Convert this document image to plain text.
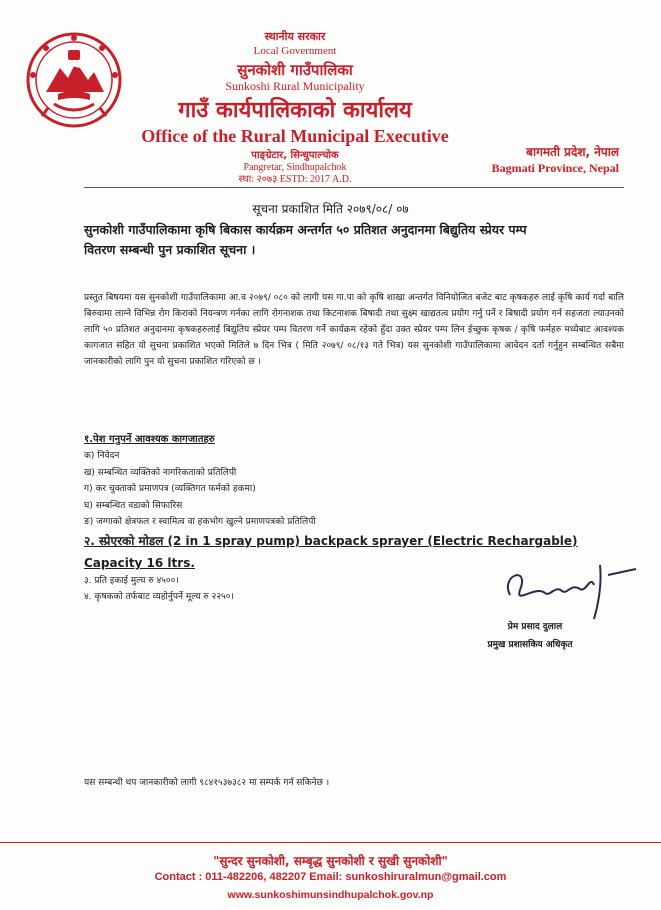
स्थानीय सरकार
Local Government
सुनकोशी गाउँपालिका
Sunkoshi Rural Municipality
गाउँ कार्यपालिकाको कार्यालय
Office of the Rural Municipal Executive
पाङ्ग्रेटार, सिन्धुपाल्चोक
Pangretar, Sindhupalchok
स्था: २०७३ ESTD: 2017 A.D.
बागमती प्रदेश, नेपाल
Bagmati Province, Nepal
सूचना प्रकाशित मिति २०७९/०८/ ०७
सुनकोशी गाउँपालिकामा कृषि बिकास कार्यक्रम अन्तर्गत ५० प्रतिशत अनुदानमा बिद्युतिय स्प्रेयर पम्प
वितरण सम्बन्धी पुन प्रकाशित सूचना ।
प्रस्तुत बिषयमा यस सुनकोशी गाउँपालिकामा आ.व २०७९/ ०८० को लागी यस गा.पा को कृषि शाखा अन्तर्गत विनियोजित बजेट बाट कृषकहरु लाई कृषि कार्य गर्दा बालि बिरुवामा लाग्ने विभिन्न रोग किराको नियन्त्रण गर्नका लागि रोगनाशक तथा किटनाशक बिषादी तथा सुक्ष्म खाद्यतत्व प्रयोग गर्नु पर्ने र बिषादी प्रयोग गर्न सहजता ल्याउनको लागि ५० प्रतिशत अनुदानमा कृषकहरुलाई बिद्युतिय स्प्रेयर पम्प वितरण गर्ने कार्यक्रम रहेको हुँदा उक्त स्प्रेयर पम्प लिन ईच्छुक कृषक / कृषि फर्महरु मध्येबाट आवश्यक कागजात सहित यो सुचना प्रकाशित भएको मितिले ७ दिन भित्र ( मिति २०७९/ ०८/१३ गते भित्र) यस सुनकोशी गाउँपालिकामा आवेदन दर्ता गर्नुहुन सम्बन्धित सबैमा जानकारीको लागि पुन यो सुचना प्रकाशित गरिएको छ ।
१.पेश गनुपर्ने आवश्यक कागजातहरु
क) निवेदन
ख) सम्बन्धित व्यक्तिको नागरिकताको प्रतिलिपी
ग) कर चुक्ताको प्रमाणपत्र (व्यक्तिगत फर्मको हकमा)
घ) सम्बन्धित वडाको सिफारिस
ङ) जग्गाको क्षेत्रफल र स्वामित्व वा हकभोग खुल्ने प्रमाणपत्रको प्रतिलिपी
२. स्प्रेएरको मोडल (2 in 1 spray pump) backpack sprayer (Electric Rechargable)
Capacity 16 ltrs.
३. प्रति इकाई मुल्य रु ४५००।
४. कृषकको तर्फबाट व्यहोर्नुपर्ने मूल्य रु २२५०।
प्रेम प्रसाद दुलाल
प्रमुख प्रशासकिय अधिकृत
यस सम्बन्धी थप जानकारीको लागी ९८४१५३७३८२ मा सम्पर्क गर्न सकिनेछ ।
"सुन्दर सुनकोशी, सम्बृद्ध सुनकोशी र सुखी सुनकोशी"
Contact : 011-482206, 482207 Email: sunkoshiruralmun@gmail.com
www.sunkoshimunsindhupalchok.gov.np
